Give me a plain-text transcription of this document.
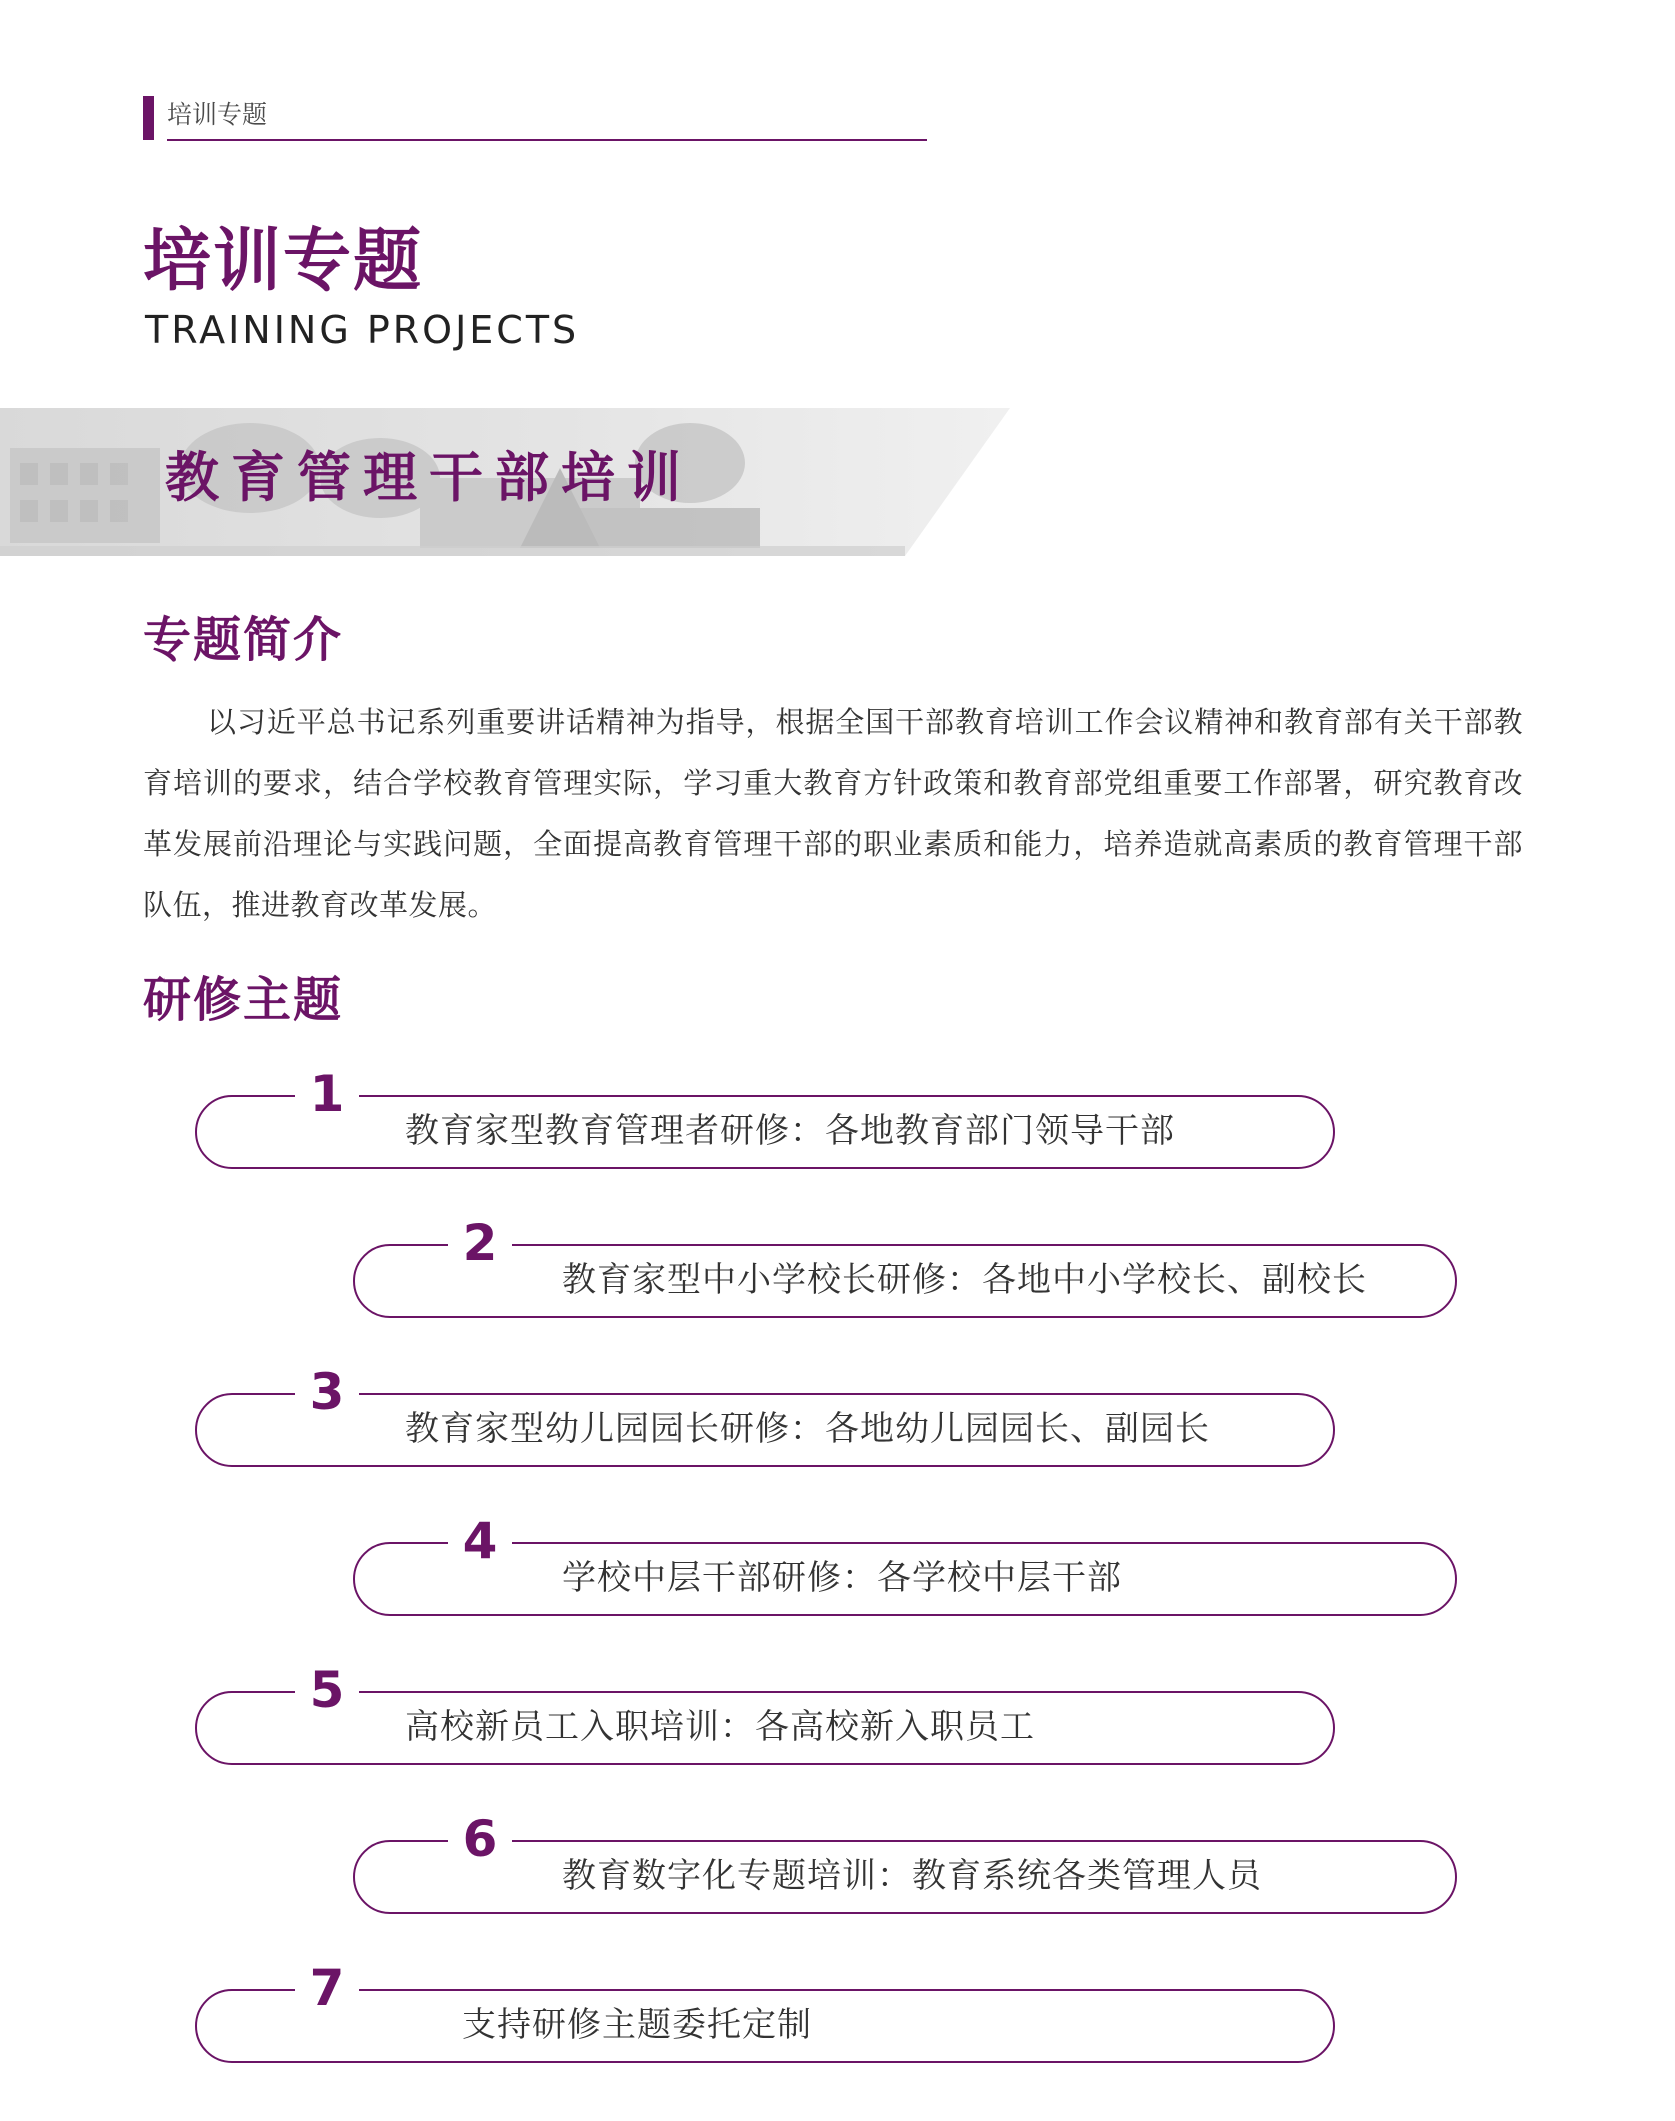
培训专题
培训专题
TRAINING PROJECTS
教育管理干部培训
专题简介
以习近平总书记系列重要讲话精神为指导，根据全国干部教育培训工作会议精神和教育部有关干部教育培训的要求，结合学校教育管理实际，学习重大教育方针政策和教育部党组重要工作部署，研究教育改革发展前沿理论与实践问题，全面提高教育管理干部的职业素质和能力，培养造就高素质的教育管理干部队伍，推进教育改革发展。
研修主题
1
教育家型教育管理者研修：各地教育部门领导干部
2
教育家型中小学校长研修：各地中小学校长、副校长
3
教育家型幼儿园园长研修：各地幼儿园园长、副园长
4
学校中层干部研修：各学校中层干部
5
高校新员工入职培训：各高校新入职员工
6
教育数字化专题培训：教育系统各类管理人员
7
支持研修主题委托定制
